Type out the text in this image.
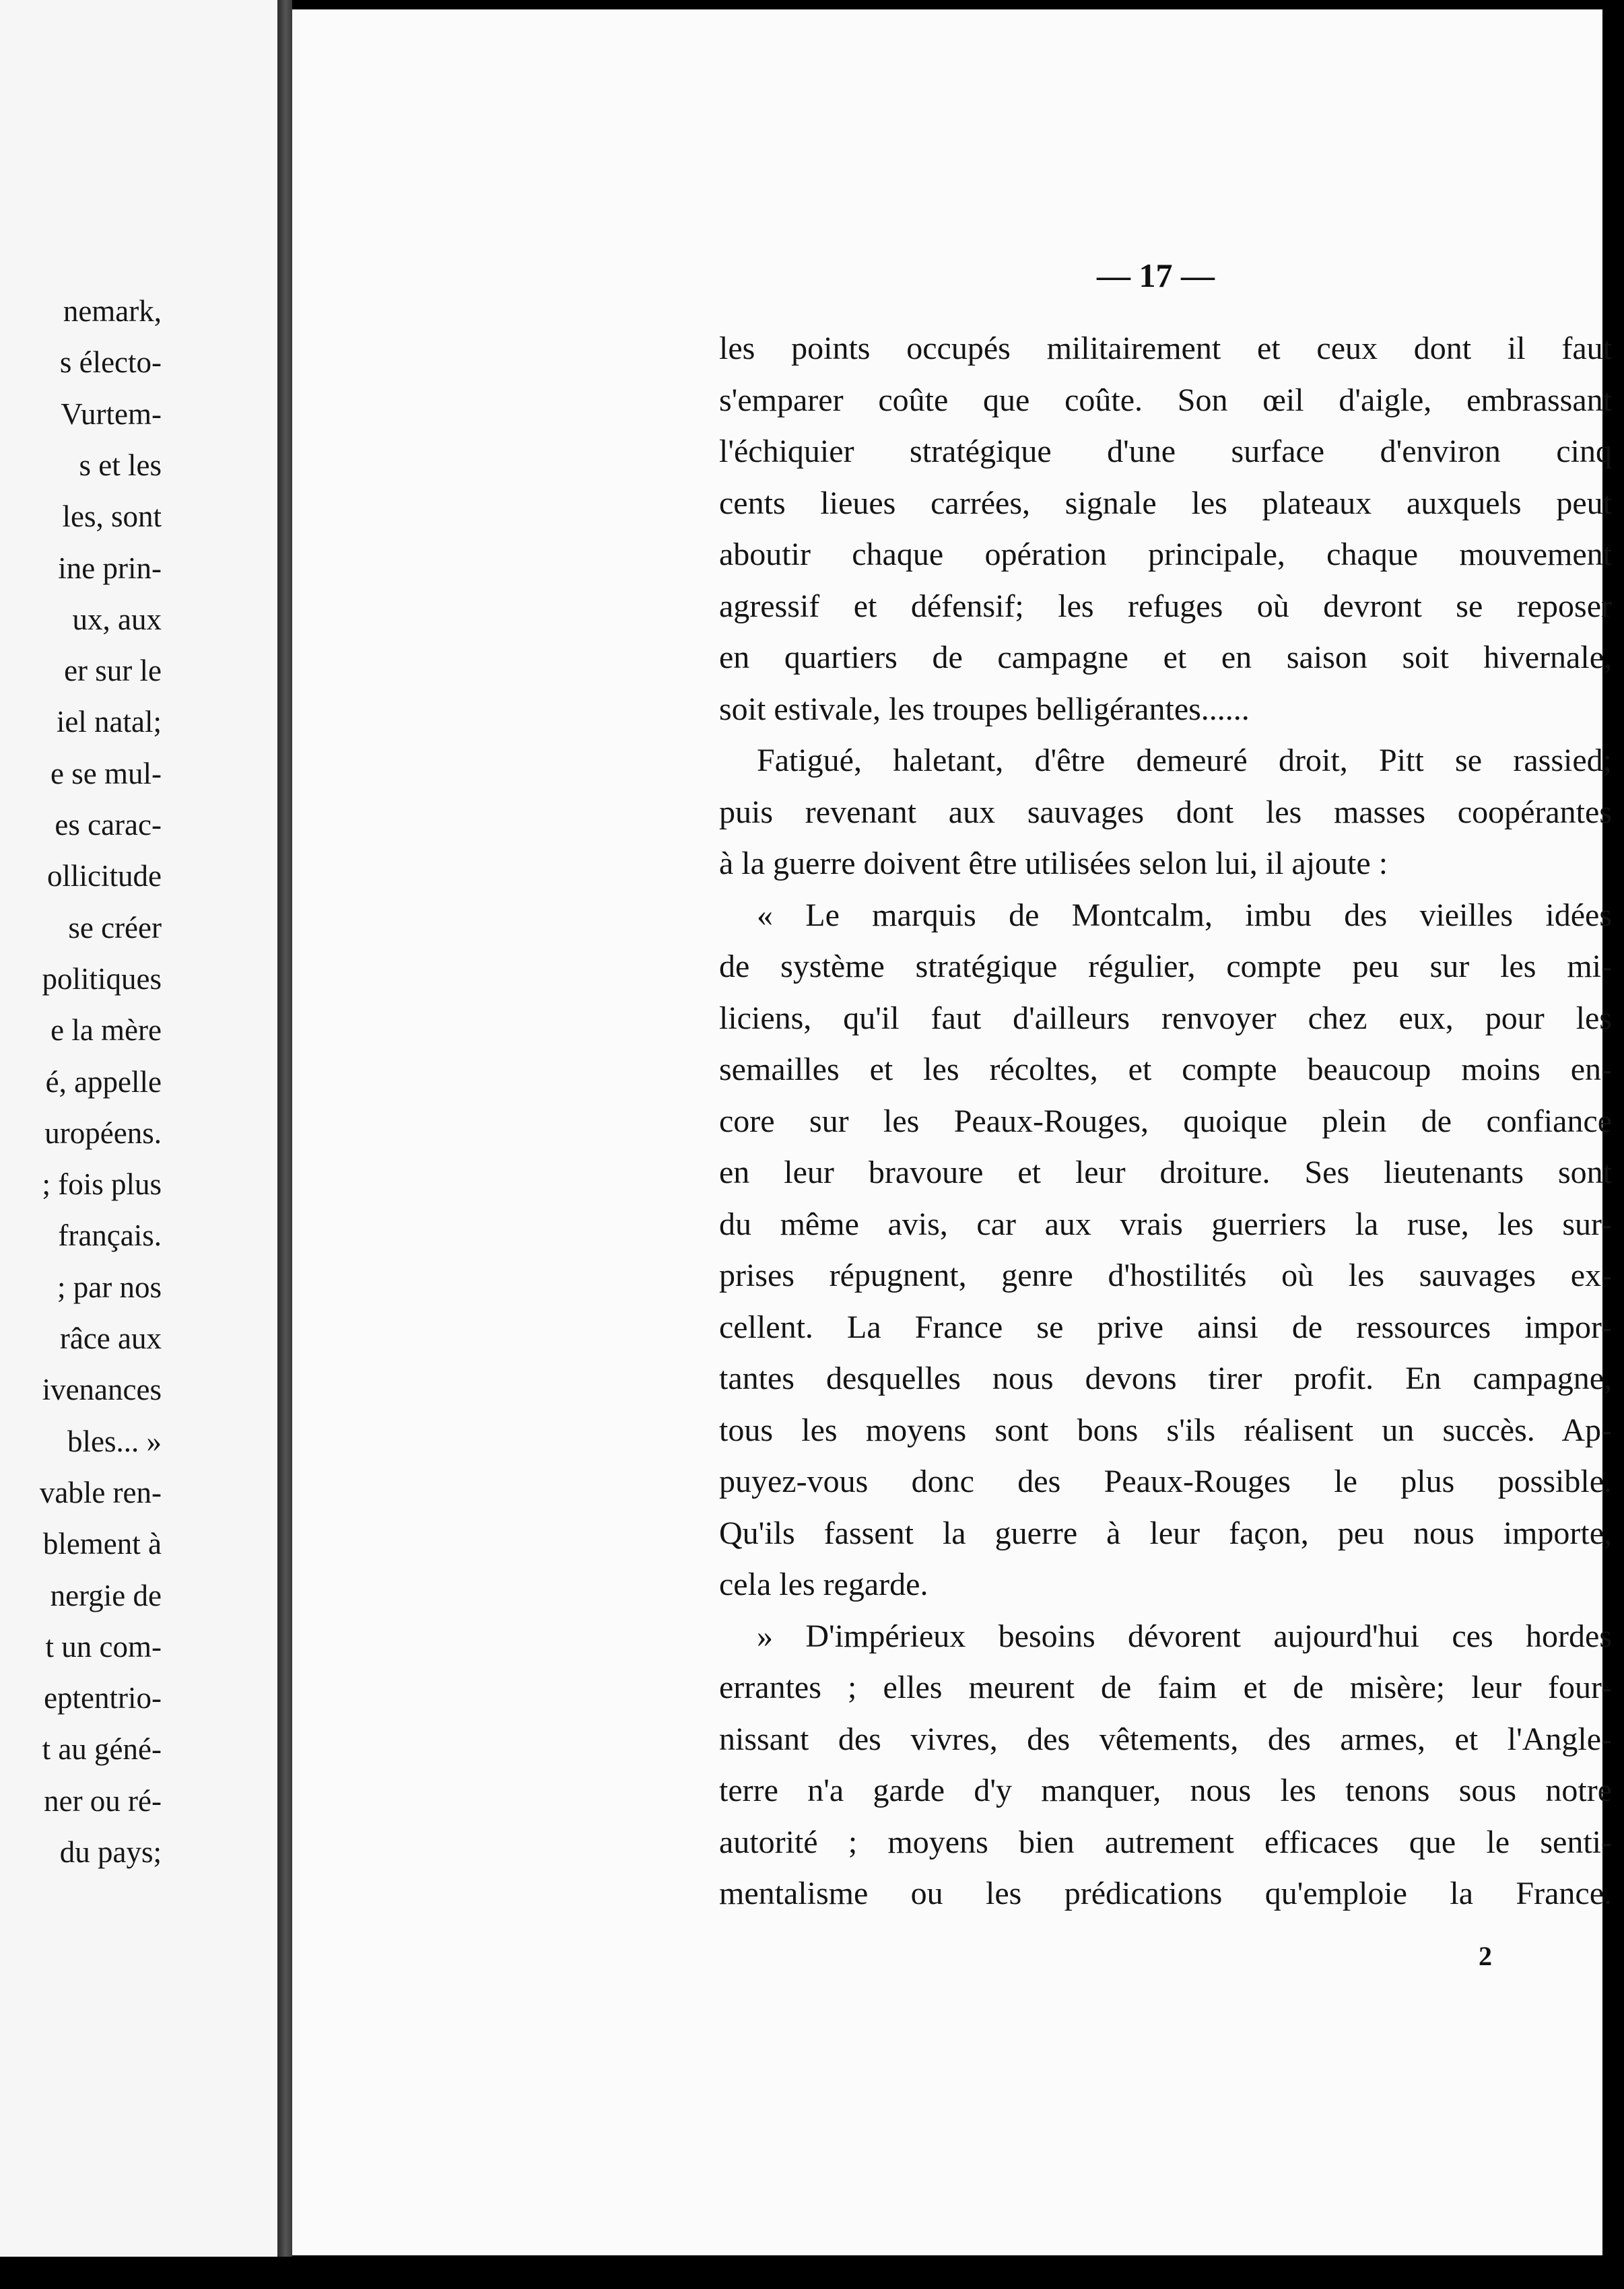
nemark,
s électo-
Vurtem-
s et les
les, sont
ine prin-
ux, aux
er sur le
iel natal;
e se mul-
es carac-
ollicitude
se créer
politiques
e la mère
é, appelle
uropéens.
; fois plus
français.
; par nos
râce aux
ivenances
bles... »
vable ren-
blement à
nergie de
t un com-
eptentrio-
t au géné-
ner ou ré-
du pays;
— 17 —
les points occupés militairement et ceux dont il faut
s'emparer coûte que coûte. Son œil d'aigle, embrassant
l'échiquier stratégique d'une surface d'environ cinq
cents lieues carrées, signale les plateaux auxquels peut
aboutir chaque opération principale, chaque mouvement
agressif et défensif; les refuges où devront se reposer
en quartiers de campagne et en saison soit hivernale,
soit estivale, les troupes belligérantes......
Fatigué, haletant, d'être demeuré droit, Pitt se rassied;
puis revenant aux sauvages dont les masses coopérantes
à la guerre doivent être utilisées selon lui, il ajoute :
« Le marquis de Montcalm, imbu des vieilles idées
de système stratégique régulier, compte peu sur les mi-
liciens, qu'il faut d'ailleurs renvoyer chez eux, pour les
semailles et les récoltes, et compte beaucoup moins en-
core sur les Peaux-Rouges, quoique plein de confiance
en leur bravoure et leur droiture. Ses lieutenants sont
du même avis, car aux vrais guerriers la ruse, les sur-
prises répugnent, genre d'hostilités où les sauvages ex-
cellent. La France se prive ainsi de ressources impor-
tantes desquelles nous devons tirer profit. En campagne,
tous les moyens sont bons s'ils réalisent un succès. Ap-
puyez-vous donc des Peaux-Rouges le plus possible.
Qu'ils fassent la guerre à leur façon, peu nous importe,
cela les regarde.
» D'impérieux besoins dévorent aujourd'hui ces hordes
errantes ; elles meurent de faim et de misère; leur four-
nissant des vivres, des vêtements, des armes, et l'Angle-
terre n'a garde d'y manquer, nous les tenons sous notre
autorité ; moyens bien autrement efficaces que le senti-
mentalisme ou les prédications qu'emploie la France.
2
